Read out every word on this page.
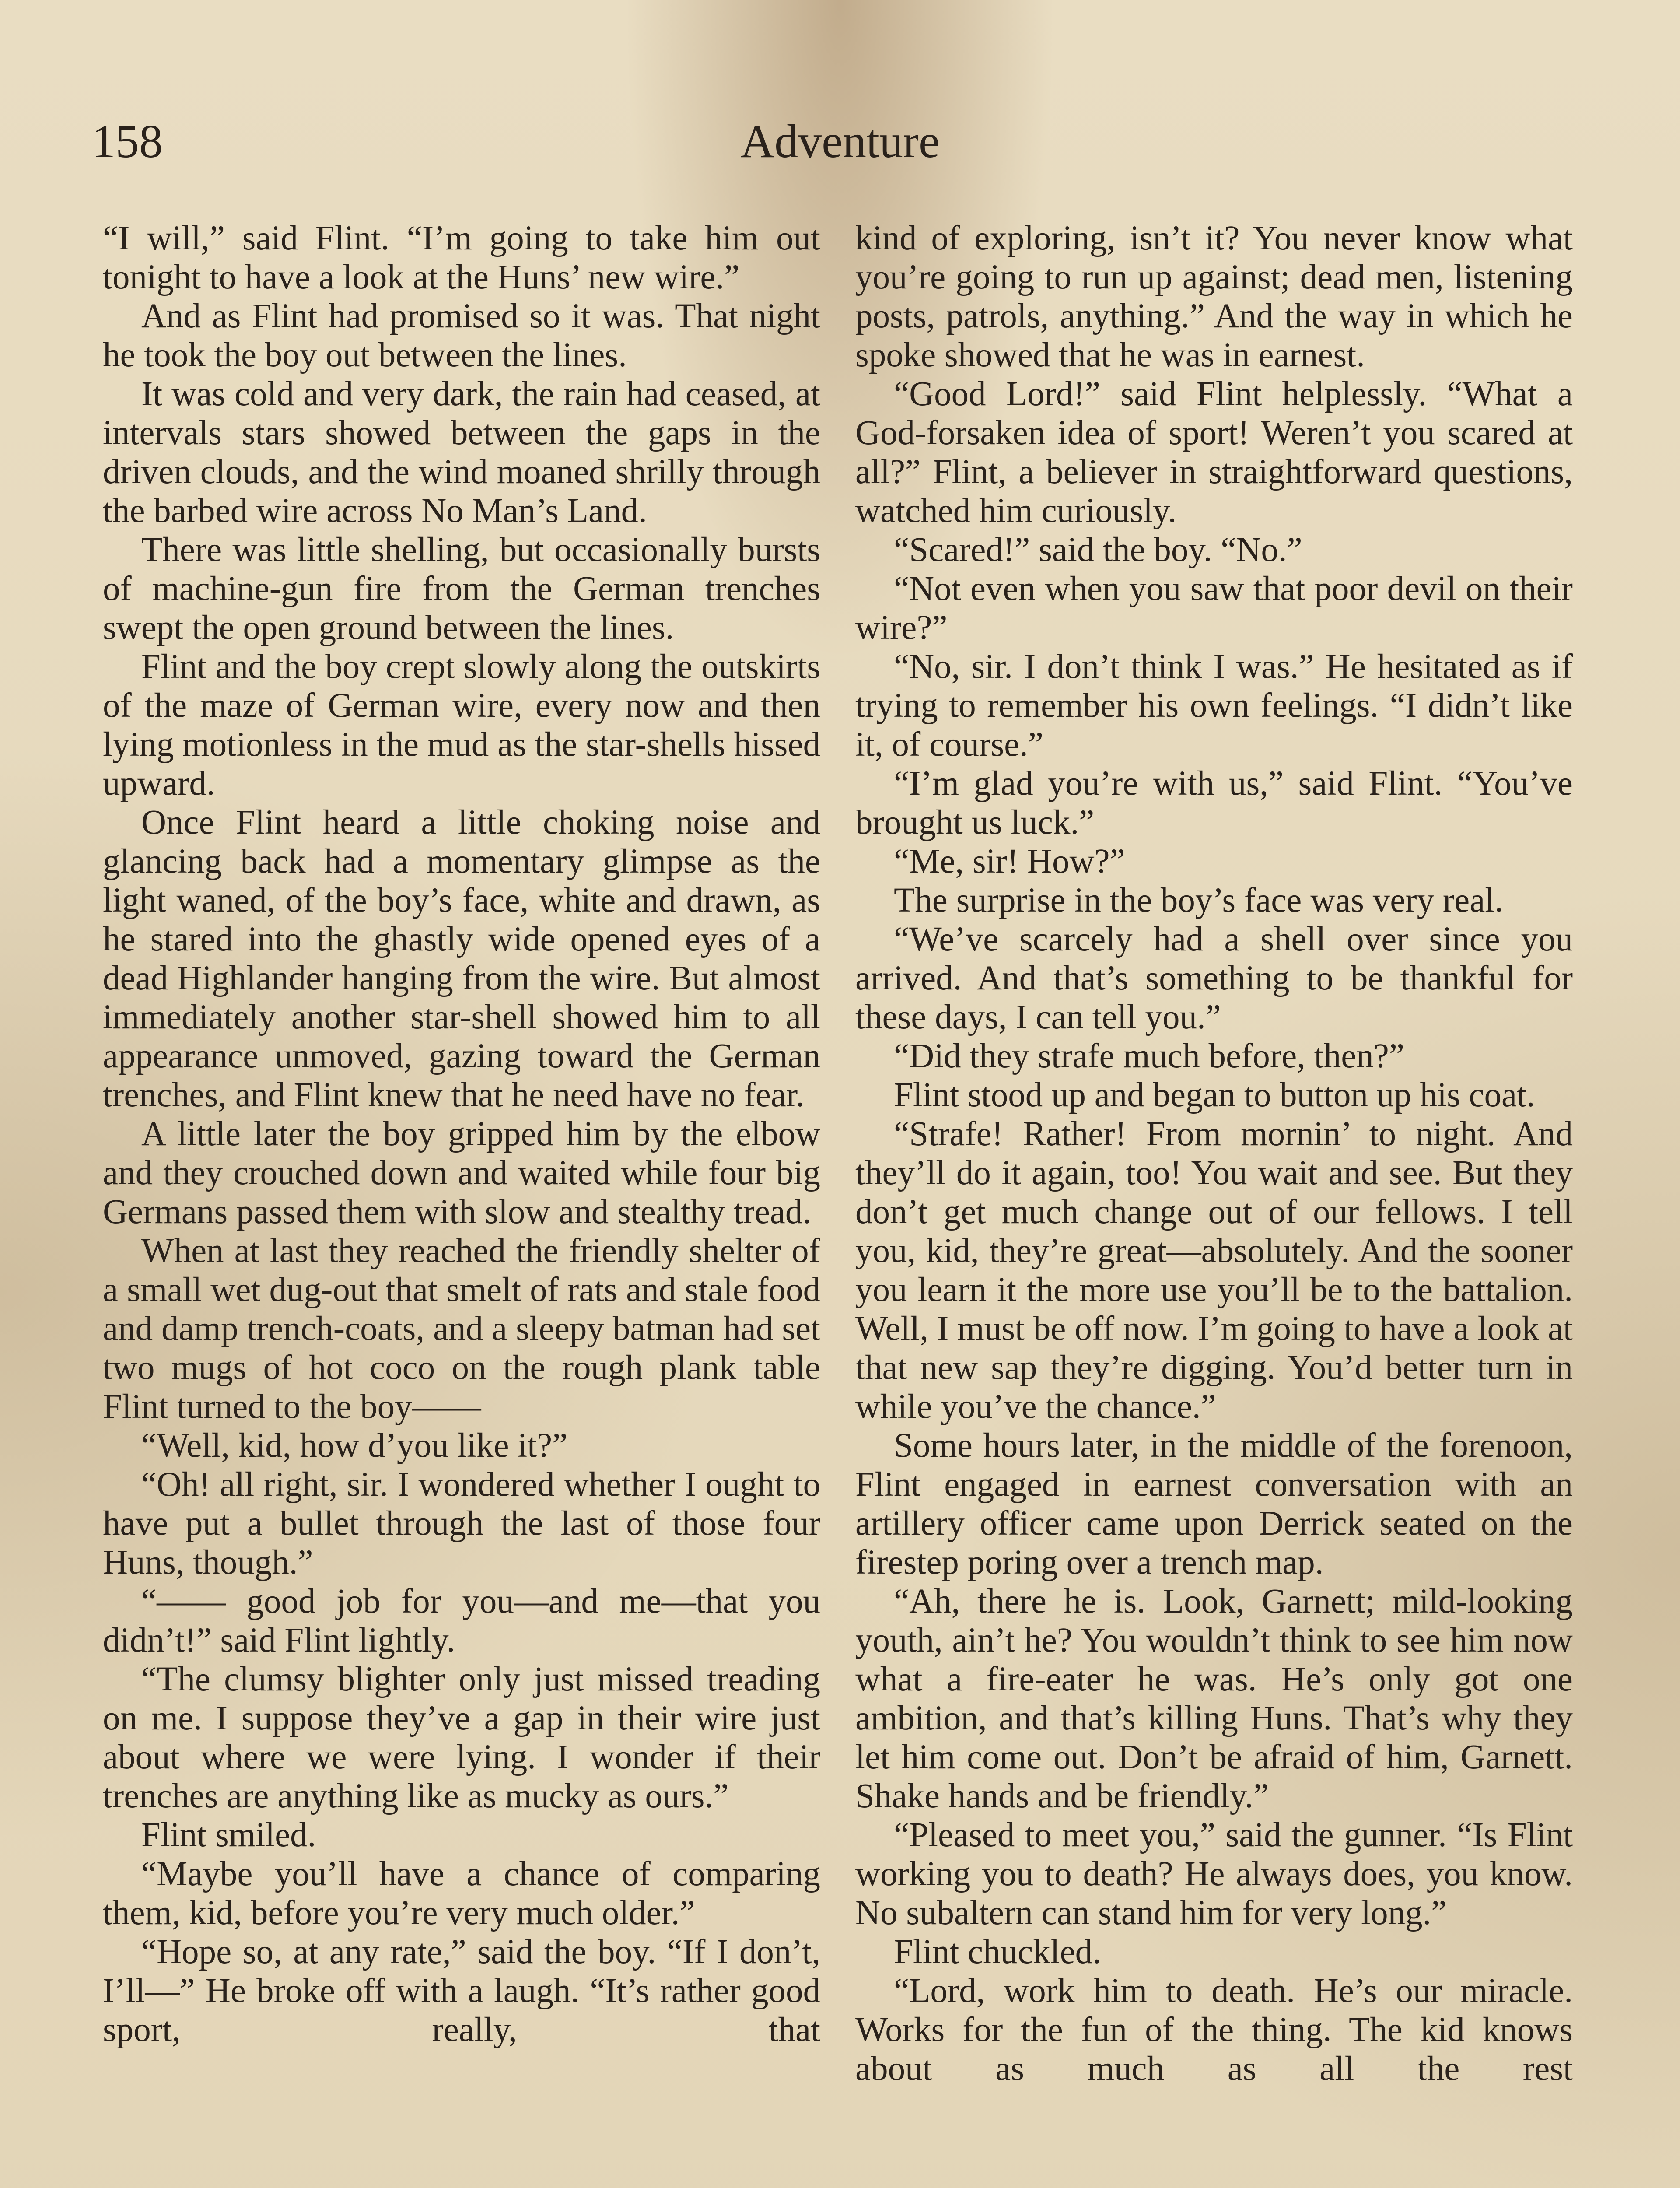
158	Adventure

“I will,” said Flint. “I’m going to take him out tonight to have a look at the Huns’ new wire.”

And as Flint had promised so it was. That night he took the boy out between the lines.

It was cold and very dark, the rain had ceased, at intervals stars showed between the gaps in the driven clouds, and the wind moaned shrilly through the barbed wire across No Man’s Land.

There was little shelling, but occasionally bursts of machine-gun fire from the German trenches swept the open ground between the lines.

Flint and the boy crept slowly along the outskirts of the maze of German wire, every now and then lying motionless in the mud as the star-shells hissed upward.

Once Flint heard a little choking noise and glancing back had a momentary glimpse as the light waned, of the boy’s face, white and drawn, as he stared into the ghastly wide opened eyes of a dead Highlander hanging from the wire. But almost immediately another star-shell showed him to all appearance unmoved, gazing toward the German trenches, and Flint knew that he need have no fear.

A little later the boy gripped him by the elbow and they crouched down and waited while four big Germans passed them with slow and stealthy tread.

When at last they reached the friendly shelter of a small wet dug-out that smelt of rats and stale food and damp trench-coats, and a sleepy batman had set two mugs of hot coco on the rough plank table Flint turned to the boy——

“Well, kid, how d’you like it?”

“Oh! all right, sir. I wondered whether I ought to have put a bullet through the last of those four Huns, though.”

“—— good job for you—and me—that you didn’t!” said Flint lightly.

“The clumsy blighter only just missed treading on me. I suppose they’ve a gap in their wire just about where we were lying. I wonder if their trenches are anything like as mucky as ours.”

Flint smiled.

“Maybe you’ll have a chance of comparing them, kid, before you’re very much older.”

“Hope so, at any rate,” said the boy. “If I don’t, I’ll—” He broke off with a laugh. “It’s rather good sport, really, that

kind of exploring, isn’t it? You never know what you’re going to run up against; dead men, listening posts, patrols, anything.” And the way in which he spoke showed that he was in earnest.

“Good Lord!” said Flint helplessly. “What a God-forsaken idea of sport! Weren’t you scared at all?” Flint, a believer in straightforward questions, watched him curiously.

“Scared!” said the boy. “No.”

“Not even when you saw that poor devil on their wire?”

“No, sir. I don’t think I was.” He hesitated as if trying to remember his own feelings. “I didn’t like it, of course.”

“I’m glad you’re with us,” said Flint. “You’ve brought us luck.”

“Me, sir! How?”

The surprise in the boy’s face was very real.

“We’ve scarcely had a shell over since you arrived. And that’s something to be thankful for these days, I can tell you.”

“Did they strafe much before, then?”

Flint stood up and began to button up his coat.

“Strafe! Rather! From mornin’ to night. And they’ll do it again, too! You wait and see. But they don’t get much change out of our fellows. I tell you, kid, they’re great—absolutely. And the sooner you learn it the more use you’ll be to the battalion. Well, I must be off now. I’m going to have a look at that new sap they’re digging. You’d better turn in while you’ve the chance.”

Some hours later, in the middle of the forenoon, Flint engaged in earnest conversation with an artillery officer came upon Derrick seated on the firestep poring over a trench map.

“Ah, there he is. Look, Garnett; mild-looking youth, ain’t he? You wouldn’t think to see him now what a fire-eater he was. He’s only got one ambition, and that’s killing Huns. That’s why they let him come out. Don’t be afraid of him, Garnett. Shake hands and be friendly.”

“Pleased to meet you,” said the gunner. “Is Flint working you to death? He always does, you know. No subaltern can stand him for very long.”

Flint chuckled.

“Lord, work him to death. He’s our miracle. Works for the fun of the thing. The kid knows about as much as all the rest
